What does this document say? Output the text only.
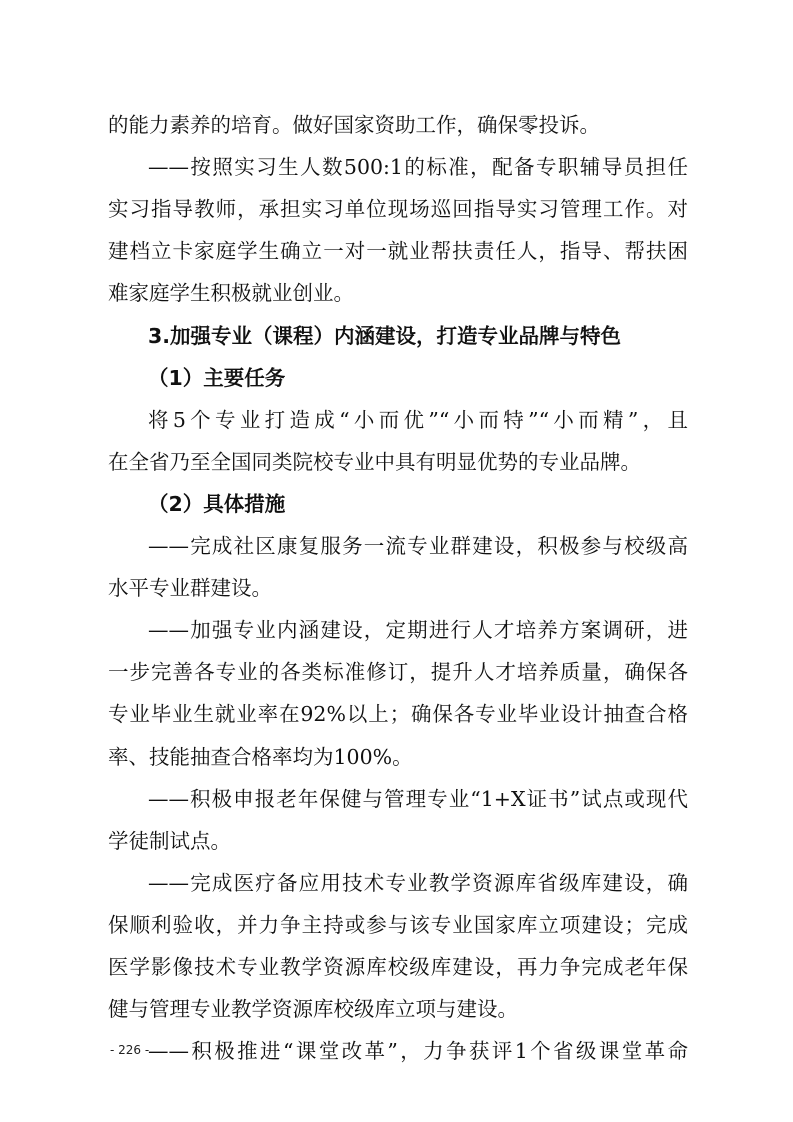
的能力素养的培育。做好国家资助工作，确保零投诉。
——按照实习生人数500:1的标准，配备专职辅导员担任
实习指导教师，承担实习单位现场巡回指导实习管理工作。对
建档立卡家庭学生确立一对一就业帮扶责任人，指导、帮扶困
难家庭学生积极就业创业。
3.加强专业（课程）内涵建设，打造专业品牌与特色
（1）主要任务
将5个专业打造成“小而优”“小而特”“小而精”，且
在全省乃至全国同类院校专业中具有明显优势的专业品牌。
（2）具体措施
——完成社区康复服务一流专业群建设，积极参与校级高
水平专业群建设。
——加强专业内涵建设，定期进行人才培养方案调研，进
一步完善各专业的各类标准修订，提升人才培养质量，确保各
专业毕业生就业率在92%以上；确保各专业毕业设计抽查合格
率、技能抽查合格率均为100%。
——积极申报老年保健与管理专业“1+X证书”试点或现代
学徒制试点。
——完成医疗备应用技术专业教学资源库省级库建设，确
保顺利验收，并力争主持或参与该专业国家库立项建设；完成
医学影像技术专业教学资源库校级库建设，再力争完成老年保
健与管理专业教学资源库校级库立项与建设。
——积极推进“课堂改革”，力争获评1个省级课堂革命
- 226 -
